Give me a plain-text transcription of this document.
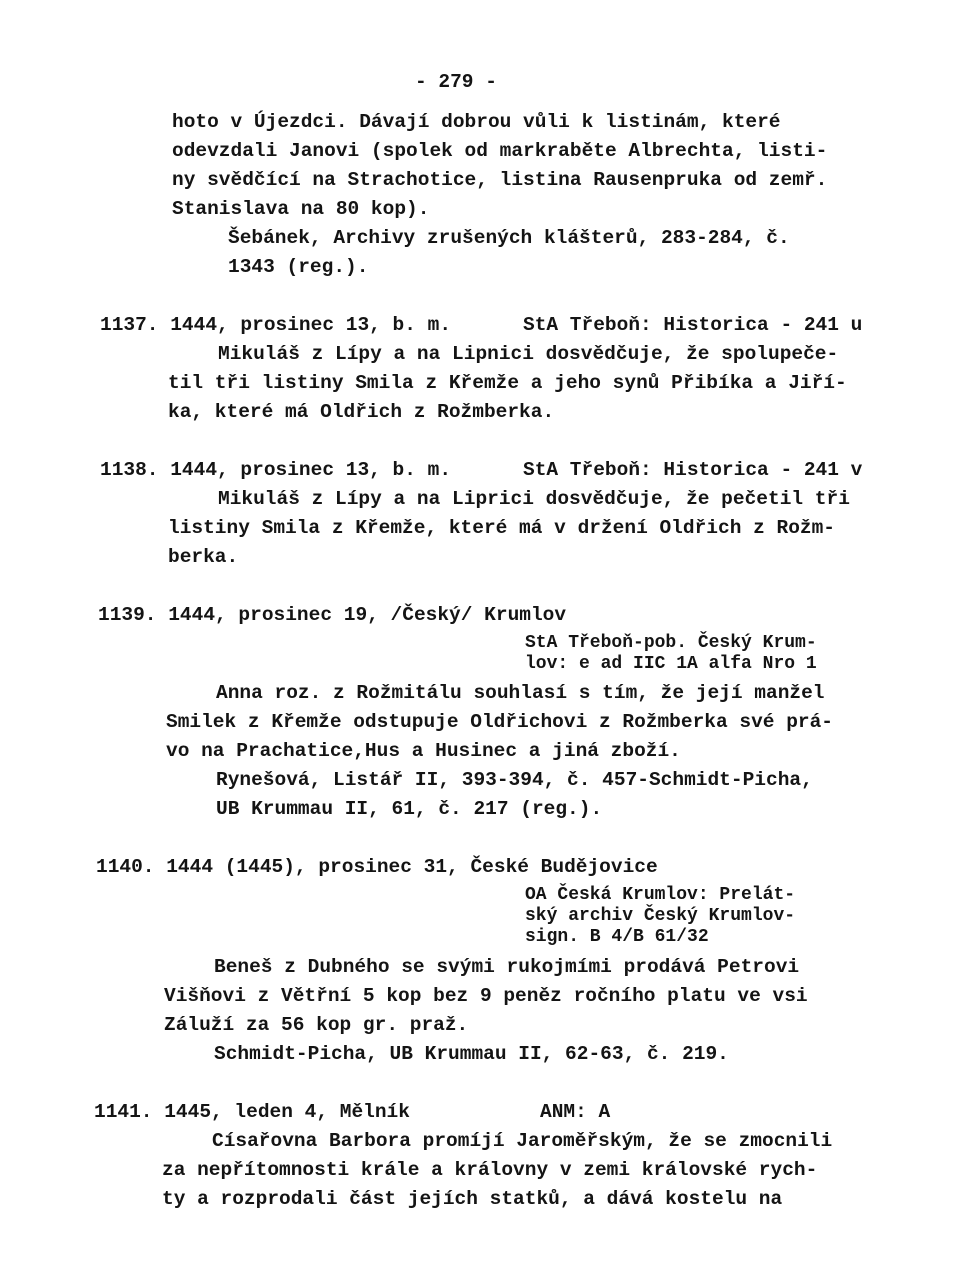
- 279 -
hoto v Újezdci. Dávají dobrou vůli k listinám, které
odevzdali Janovi (spolek od markraběte Albrechta, listi-
ny svědčící na Strachotice, listina Rausenpruka od zemř.
Stanislava na 80 kop).
Šebánek, Archivy zrušených klášterů, 283-284, č.
1343 (reg.).
1137. 1444, prosinec 13, b. m.	StA Třeboň: Historica - 241 u
Mikuláš z Lípy a na Lipnici dosvědčuje, že spolupeče-
til tři listiny Smila z Křemže a jeho synů Přibíka a Jiří-
ka, které má Oldřich z Rožmberka.
1138. 1444, prosinec 13, b. m.	StA Třeboň: Historica - 241 v
Mikuláš z Lípy a na Liprici dosvědčuje, že pečetil tři
listiny Smila z Křemže, které má v držení Oldřich z Rožm-
berka.
1139. 1444, prosinec 19, /Český/ Krumlov
StA Třeboň-pob. Český Krum-
lov: e ad IIC 1A alfa Nro 1
Anna roz. z Rožmitálu souhlasí s tím, že její manžel
Smilek z Křemže odstupuje Oldřichovi z Rožmberka své prá-
vo na Prachatice,Hus a Husinec a jiná zboží.
Rynešová, Listář II, 393-394, č. 457-Schmidt-Picha,
UB Krummau II, 61, č. 217 (reg.).
1140. 1444 (1445), prosinec 31, České Budějovice
OA Česká Krumlov: Prelát-
ský archiv Český Krumlov-
sign. B 4/B 61/32
Beneš z Dubného se svými rukojmími prodává Petrovi
Višňovi z Větřní 5 kop bez 9 peněz ročního platu ve vsi
Záluží za 56 kop gr. praž.
Schmidt-Picha, UB Krummau II, 62-63, č. 219.
1141. 1445, leden 4, Mělník	ANM: A
Císařovna Barbora promíjí Jaroměřským, že se zmocnili
za nepřítomnosti krále a královny v zemi královské rych-
ty a rozprodali část jejích statků, a dává kostelu na
